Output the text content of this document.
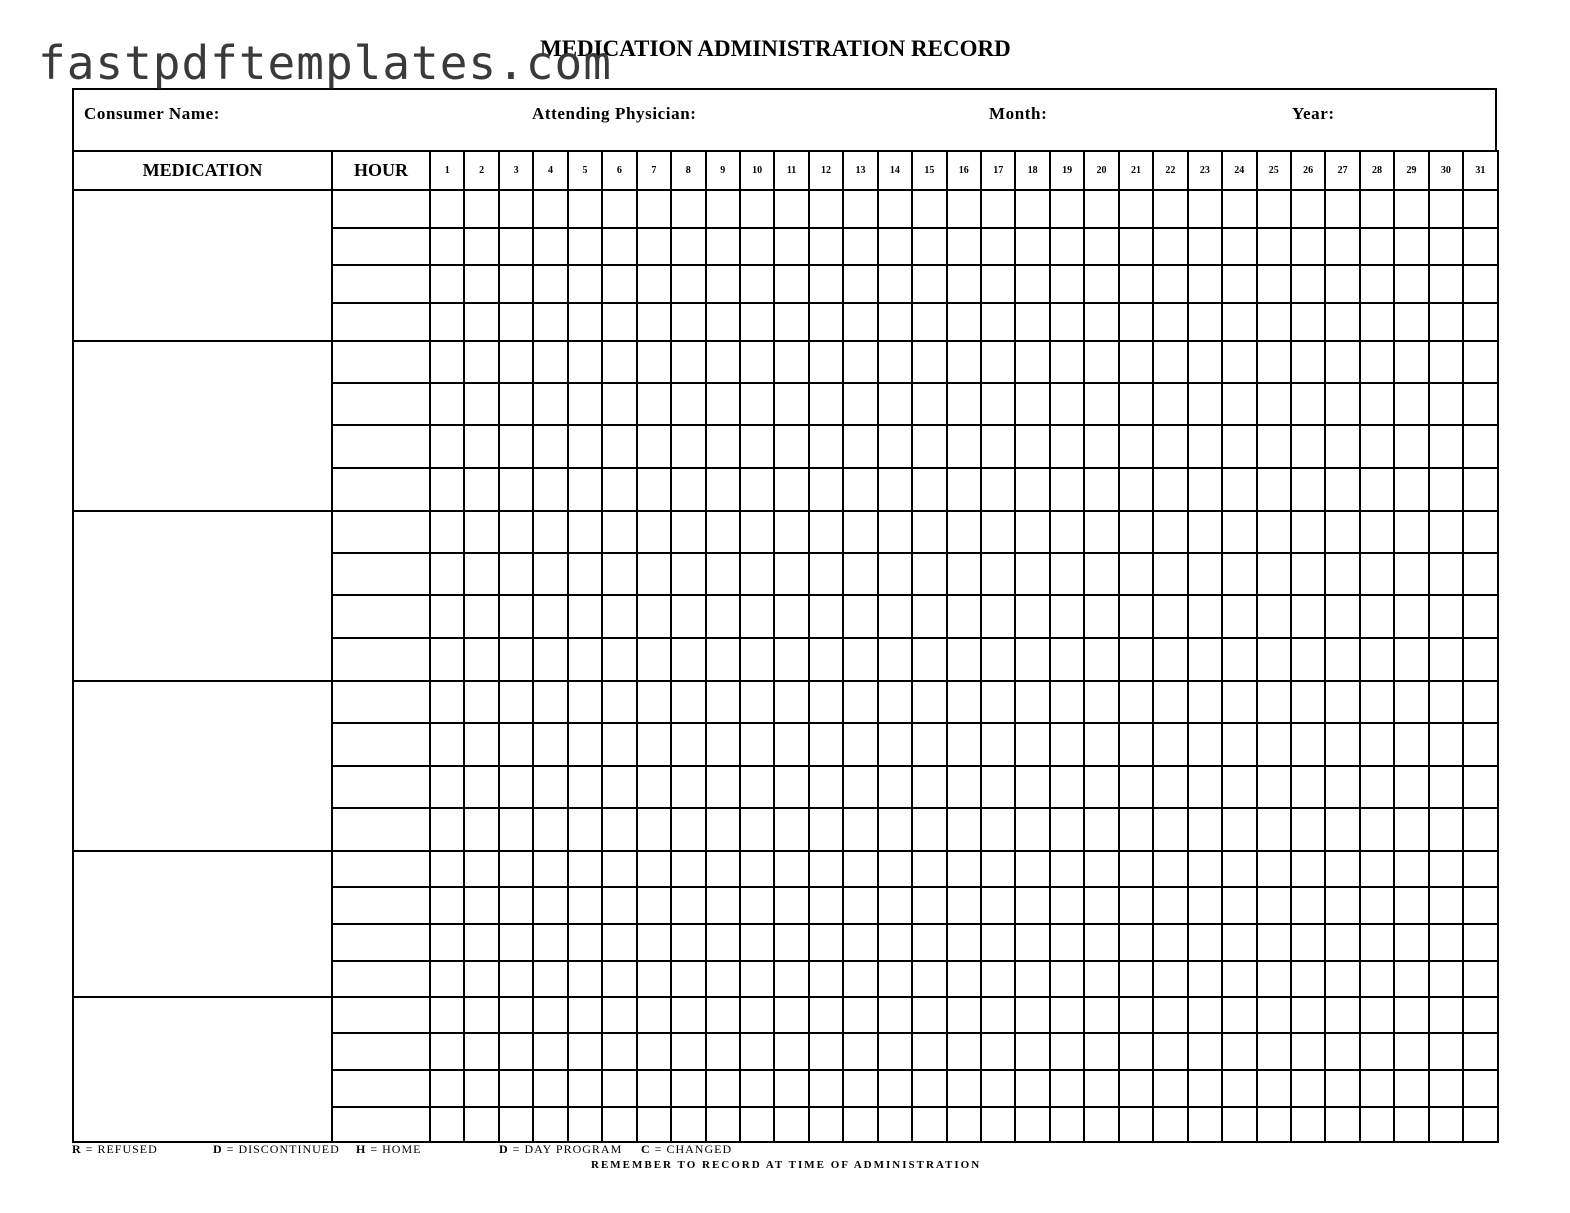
fastpdftemplates.com
MEDICATION ADMINISTRATION RECORD
Consumer Name:	Attending Physician:	Month:	Year:
MEDICATION	HOUR	1	2	3	4	5	6	7	8	9	10	11	12	13	14	15	16	17	18	19	20	21	22	23	24	25	26	27	28	29	30	31

R = REFUSED	D = DISCONTINUED H = HOME	D = DAY PROGRAM C = CHANGED
REMEMBER TO RECORD AT TIME OF ADMINISTRATION
